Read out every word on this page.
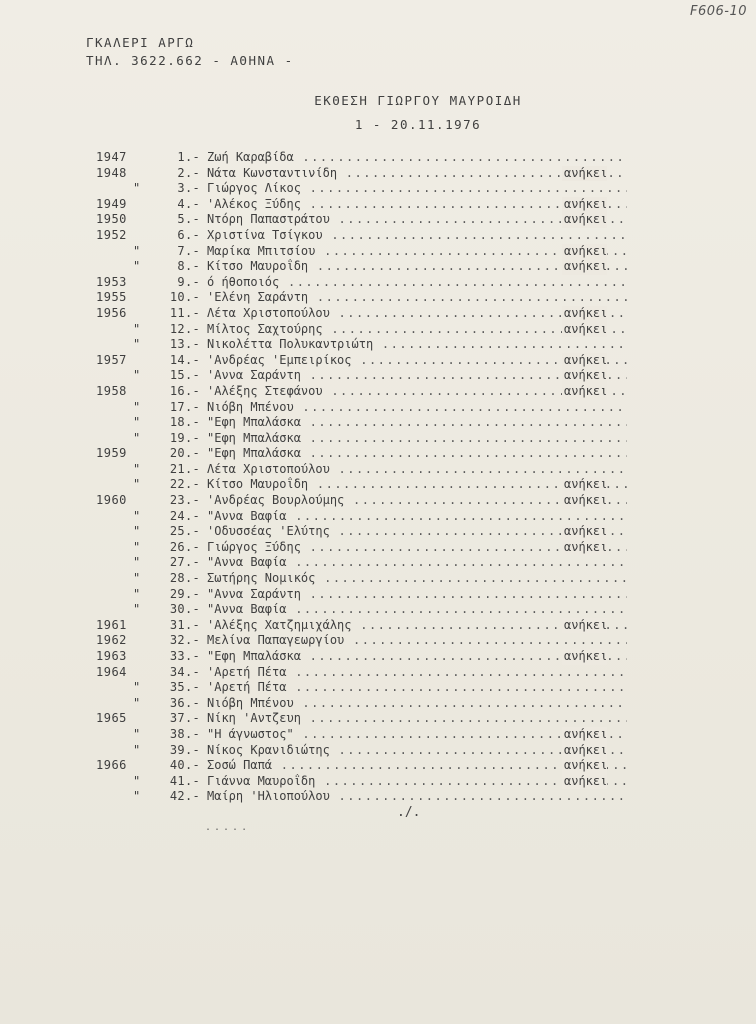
F606-10
ΓΚΑΛΕΡΙ ΑΡΓΩ
ΤΗΛ. 3622.662 - ΑΘΗΝΑ -
ΕΚΘΕΣΗ ΓΙΩΡΓΟΥ ΜΑΥΡΟΙΔΗ
1 - 20.11.1976
1947	1.- Ζωή Καραβίδα .....
1948	2.- Νάτα Κωνσταντινίδη .....	ανήκει
"	3.- Γιώργος Λίκος .....
1949	4.- 'Αλέκος Ξύδης .....	ανήκει
1950	5.- Ντόρη Παπαστράτου .....	ανήκει
1952	6.- Χριστίνα Τσίγκου .....
"	7.- Μαρίκα Μπιτσίου .....	ανήκει
"	8.- Κίτσο Μαυροΐδη .....	ανήκει
1953	9.- ό ήθοποιός .....
1955	10.- 'Ελένη Σαράντη .....
1956	11.- Λέτα Χριστοπούλου .....	ανήκει
"	12.- Μίλτος Σαχτούρης .....	ανήκει
"	13.- Νικολέττα Πολυκαντριώτη .....
1957	14.- 'Ανδρέας 'Εμπειρίκος .....	ανήκει
"	15.- 'Αννα Σαράντη .....	ανήκει
1958	16.- 'Αλέξης Στεφάνου .....	ανήκει
"	17.- Νιόβη Μπένου .....
"	18.- "Εφη Μπαλάσκα .....
"	19.- "Εφη Μπαλάσκα .....
1959	20.- "Εφη Μπαλάσκα .....
"	21.- Λέτα Χριστοπούλου .....
"	22.- Κίτσο Μαυροΐδη .....	ανήκει
1960	23.- 'Ανδρέας Βουρλούμης .....	ανήκει
"	24.- "Αννα Βαφία .....
"	25.- 'Οδυσσέας 'Ελύτης .....	ανήκει
"	26.- Γιώργος Ξύδης .....	ανήκει
"	27.- "Αννα Βαφία .....
"	28.- Σωτήρης Νομικός .....
"	29.- "Αννα Σαράντη .....
"	30.- "Αννα Βαφία .....
1961	31.- 'Αλέξης Χατζημιχάλης .....	ανήκει
1962	32.- Μελίνα Παπαγεωργίου .....
1963	33.- "Εφη Μπαλάσκα .....	ανήκει
1964	34.- 'Αρετή Πέτα .....
"	35.- 'Αρετή Πέτα .....
"	36.- Νιόβη Μπένου .....
1965	37.- Νίκη 'Αντζευη .....
"	38.- "Η άγνωστος" .....	ανήκει
"	39.- Νίκος Κρανιδιώτης .....	ανήκει
1966	40.- Σοσώ Παπά .....	ανήκει
"	41.- Γιάννα Μαυροΐδη .....	ανήκει
"	42.- Μαίρη 'Ηλιοπούλου .....
./.
.....
